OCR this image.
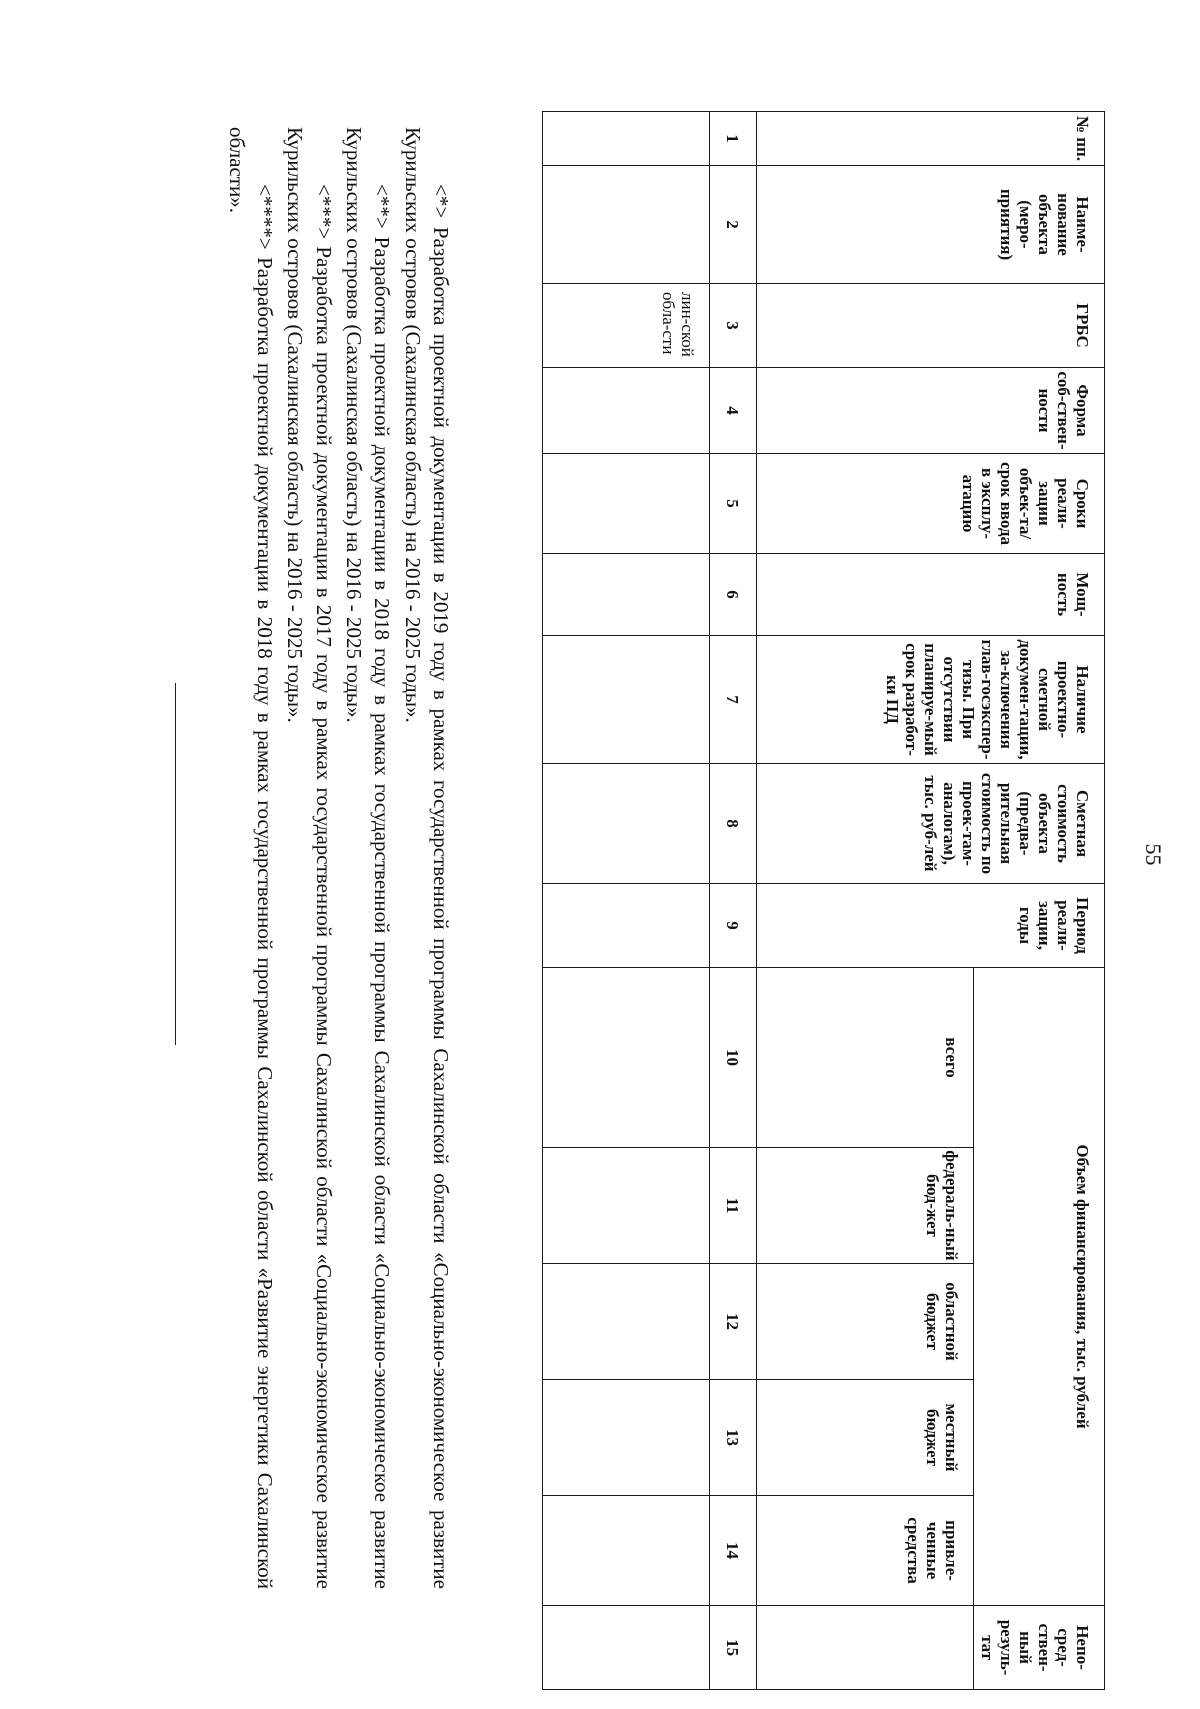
55
№ пп.	Наиме-нование объекта (меро-приятия)	ГРБС	Форма соб-ствен-ности	Сроки реали-зации объек-та/срок ввода в эксплу-атацию	Мощ-ность	Наличие проектно-сметной докумен-тации, за-ключения глав-госэкспер-тизы. При отсутствии планируе-мый срок разработ-ки ПД	Сметная стоимость объекта (предва-рительная стоимость по проек-там-аналогам), тыс. руб-лей	Период реали-зации, годы	Объем финансирования, тыс. рублей					Непо-сред-ствен-ный резуль-тат
									всего	федераль-ный бюд-жет	областной бюджет	местный бюджет	привле-ченные средства	
1	2	3	4	5	6	7	8	9	10	11	12	13	14	15
		лин-ской обла-сти												

<*> Разработка проектной документации в 2019 году в рамках государственной программы Сахалинской области «Социально-экономическое развитие Курильских островов (Сахалинская область) на 2016 - 2025 годы».

<**> Разработка проектной документации в 2018 году в рамках государственной программы Сахалинской области «Социально-экономическое развитие Курильских островов (Сахалинская область) на 2016 - 2025 годы».

<***> Разработка проектной документации в 2017 году в рамках государственной программы Сахалинской области «Социально-экономическое развитие Курильских островов (Сахалинская область) на 2016 - 2025 годы».

<****> Разработка проектной документации в 2018 году в рамках государственной программы Сахалинской области «Развитие энергетики Сахалинской области».
